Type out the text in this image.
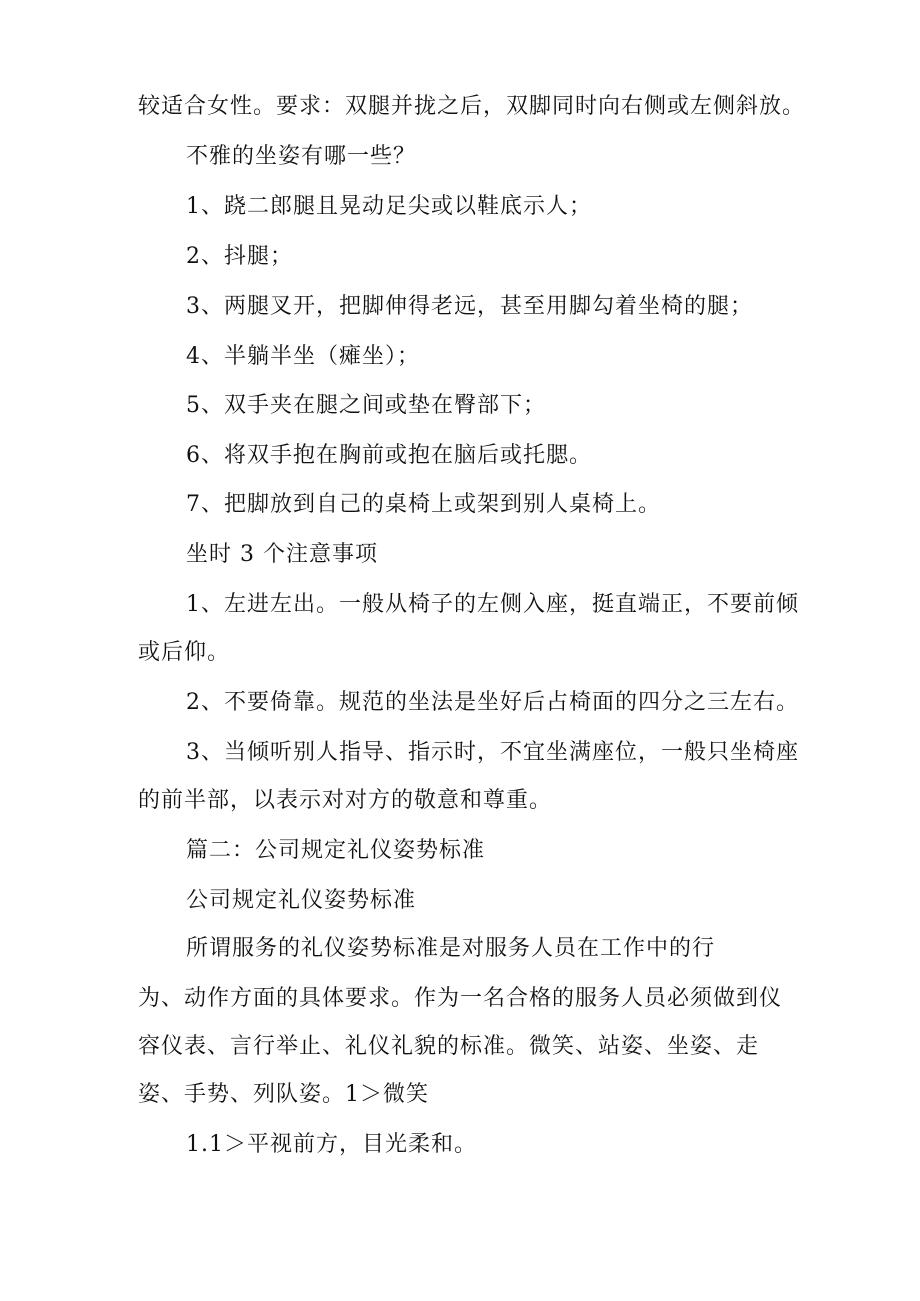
较适合女性。要求：双腿并拢之后，双脚同时向右侧或左侧斜放。
不雅的坐姿有哪一些？
1、跷二郎腿且晃动足尖或以鞋底示人；
2、抖腿；
3、两腿叉开，把脚伸得老远，甚至用脚勾着坐椅的腿；
4、半躺半坐（瘫坐）；
5、双手夹在腿之间或垫在臀部下；
6、将双手抱在胸前或抱在脑后或托腮。
7、把脚放到自己的桌椅上或架到别人桌椅上。
坐时 3 个注意事项
1、左进左出。一般从椅子的左侧入座，挺直端正，不要前倾
或后仰。
2、不要倚靠。规范的坐法是坐好后占椅面的四分之三左右。
3、当倾听别人指导、指示时，不宜坐满座位，一般只坐椅座
的前半部，以表示对对方的敬意和尊重。
篇二：公司规定礼仪姿势标准
公司规定礼仪姿势标准
所谓服务的礼仪姿势标准是对服务人员在工作中的行
为、动作方面的具体要求。作为一名合格的服务人员必须做到仪
容仪表、言行举止、礼仪礼貌的标准。微笑、站姿、坐姿、走
姿、手势、列队姿。1＞微笑
1.1＞平视前方，目光柔和。
